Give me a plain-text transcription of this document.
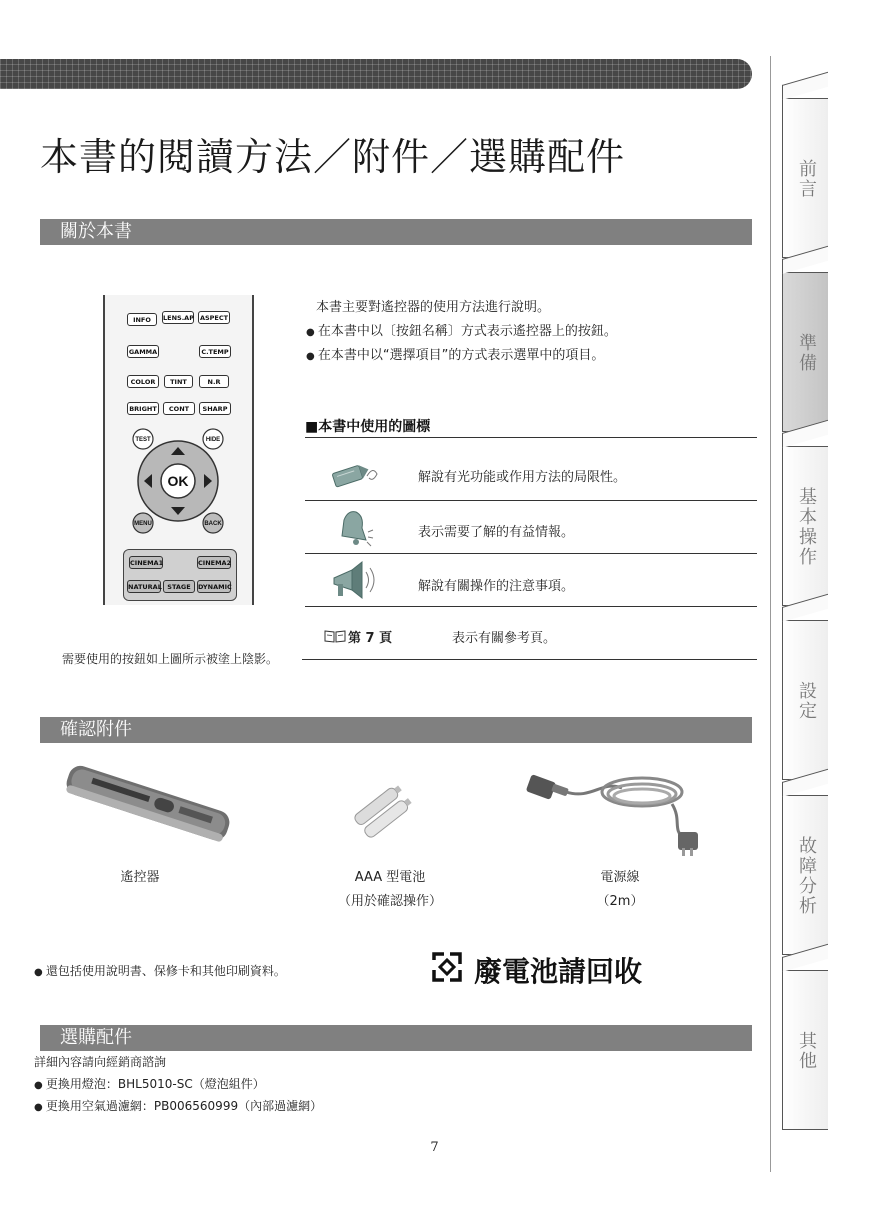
本書的閱讀方法／附件／選購配件
關於本書
INFO	LENS.AP ASPECT
GAMMA	C.TEMP
COLOR	TINT	N.R
BRIGHT	CONT	SHARP
OK
TEST	HIDE
MENU	BACK
CINEMA1	CINEMA2
NATURAL STAGE	DYNAMIC
本書主要對遙控器的使用方法進行說明。
● 在本書中以〔按鈕名稱〕方式表示遙控器上的按鈕。
● 在本書中以“選擇項目”的方式表示選單中的項目。
■本書中使用的圖標
解說有光功能或作用方法的局限性。
表示需要了解的有益情報。
解說有關操作的注意事項。
第 7 頁	表示有關參考頁。
需要使用的按鈕如上圖所示被塗上陰影。
確認附件
遙控器	AAA 型電池
（用於確認操作）
電源線
（2m）
● 還包括使用說明書、保修卡和其他印刷資料。	廢電池請回收
選購配件
詳細內容請向經銷商諮詢
● 更換用燈泡：BHL5010-SC（燈泡組件）
● 更換用空氣過濾網：PB006560999（內部過濾網）
7
前言
準備
基本操作
設定
故障分析
其他
